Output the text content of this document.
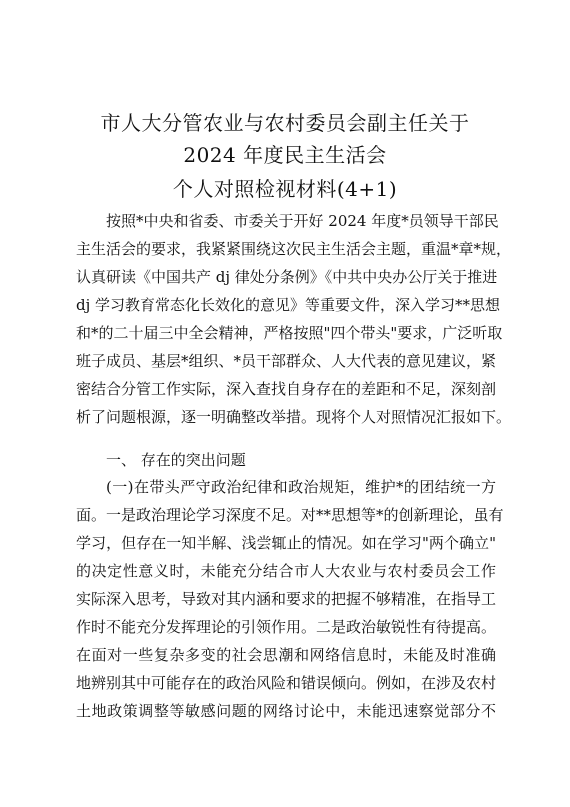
市人大分管农业与农村委员会副主任关于
2024 年度民主生活会
个人对照检视材料(4+1)
按照*中央和省委、市委关于开好 2024 年度*员领导干部民
主生活会的要求，我紧紧围绕这次民主生活会主题，重温*章*规，
认真研读《中国共产 dj 律处分条例》《中共中央办公厅关于推进
dj 学习教育常态化长效化的意见》等重要文件，深入学习**思想
和*的二十届三中全会精神，严格按照"四个带头"要求，广泛听取
班子成员、基层*组织、*员干部群众、人大代表的意见建议，紧
密结合分管工作实际，深入查找自身存在的差距和不足，深刻剖
析了问题根源，逐一明确整改举措。现将个人对照情况汇报如下。
一、 存在的突出问题
(一)在带头严守政治纪律和政治规矩，维护*的团结统一方
面。一是政治理论学习深度不足。对**思想等*的创新理论，虽有
学习，但存在一知半解、浅尝辄止的情况。如在学习"两个确立"
的决定性意义时，未能充分结合市人大农业与农村委员会工作
实际深入思考，导致对其内涵和要求的把握不够精准，在指导工
作时不能充分发挥理论的引领作用。二是政治敏锐性有待提高。
在面对一些复杂多变的社会思潮和网络信息时，未能及时准确
地辨别其中可能存在的政治风险和错误倾向。例如，在涉及农村
土地政策调整等敏感问题的网络讨论中，未能迅速察觉部分不
